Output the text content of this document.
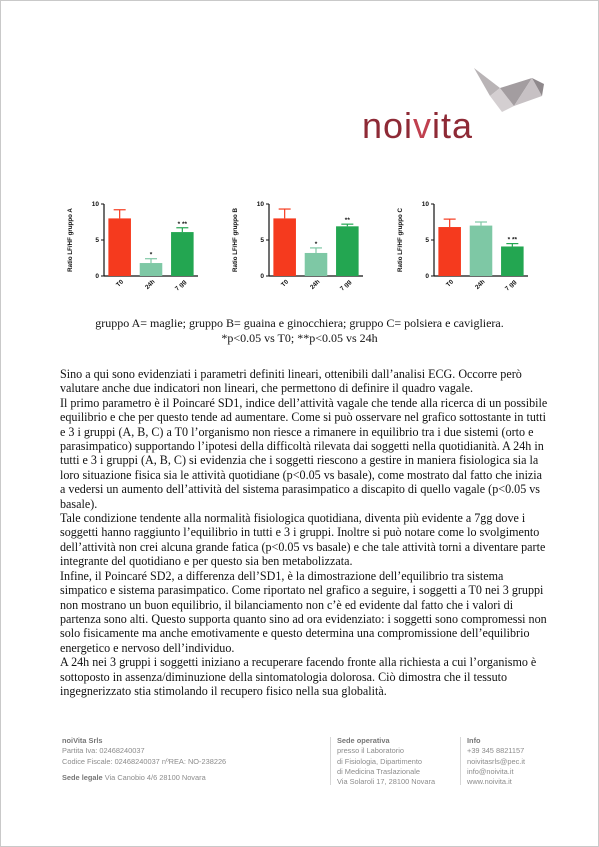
noivita
Ratio LF/HF gruppo A
0
5
10
T0
*
24h
* **
7 gg
Ratio LF/HF gruppo B
0
5
10
T0
*
24h
**
7 gg
Ratio LF/HF gruppo C
0
5
10
T0	24h
* **
7 gg
gruppo A= maglie; gruppo B= guaina e ginocchiera; gruppo C= polsiera e cavigliera.
*p<0.05 vs T0; **p<0.05 vs 24h

Sino a qui sono evidenziati i parametri definiti lineari, ottenibili dall’analisi ECG. Occorre però valutare anche due indicatori non lineari, che permettono di definire il quadro vagale.

Il primo parametro è il Poincaré SD1, indice dell’attività vagale che tende alla ricerca di un possibile equilibrio e che per questo tende ad aumentare. Come si può osservare nel grafico sottostante in tutti e 3 i gruppi (A, B, C) a T0 l’organismo non riesce a rimanere in equilibrio tra i due sistemi (orto e parasimpatico) supportando l’ipotesi della difficoltà rilevata dai soggetti nella quotidianità. A 24h in tutti e 3 i gruppi (A, B, C) si evidenzia che i soggetti riescono a gestire in maniera fisiologica sia la loro situazione fisica sia le attività quotidiane (p<0.05 vs basale), come mostrato dal fatto che inizia a vedersi un aumento dell’attività del sistema parasimpatico a discapito di quello vagale (p<0.05 vs basale).

Tale condizione tendente alla normalità fisiologica quotidiana, diventa più evidente a 7gg dove i soggetti hanno raggiunto l’equilibrio in tutti e 3 i gruppi. Inoltre si può notare come lo svolgimento dell’attività non crei alcuna grande fatica (p<0.05 vs basale) e che tale attività torni a diventare parte integrante del quotidiano e per questo sia ben metabolizzata.

Infine, il Poincaré SD2, a differenza dell’SD1, è la dimostrazione dell’equilibrio tra sistema simpatico e sistema parasimpatico. Come riportato nel grafico a seguire, i soggetti a T0 nei 3 gruppi non mostrano un buon equilibrio, il bilanciamento non c’è ed evidente dal fatto che i valori di partenza sono alti. Questo supporta quanto sino ad ora evidenziato: i soggetti sono compromessi non solo fisicamente ma anche emotivamente e questo determina una compromissione dell’equilibrio energetico e nervoso dell’individuo.

A 24h nei 3 gruppi i soggetti iniziano a recuperare facendo fronte alla richiesta a cui l’organismo è sottoposto in assenza/diminuzione della sintomatologia dolorosa. Ciò dimostra che il tessuto ingegnerizzato stia stimolando il recupero fisico nella sua globalità.

noiVita Srls
Partita Iva: 02468240037
Codice Fiscale: 02468240037 nºREA: NO-238226
Sede legale Via Canobio 4/6 28100 Novara
Sede operativa
presso il Laboratorio
di Fisiologia, Dipartimento
di Medicina Traslazionale
Via Solaroli 17, 28100 Novara
Info
+39 345 8821157
noivitasrls@pec.it
info@noivita.it
www.noivita.it
